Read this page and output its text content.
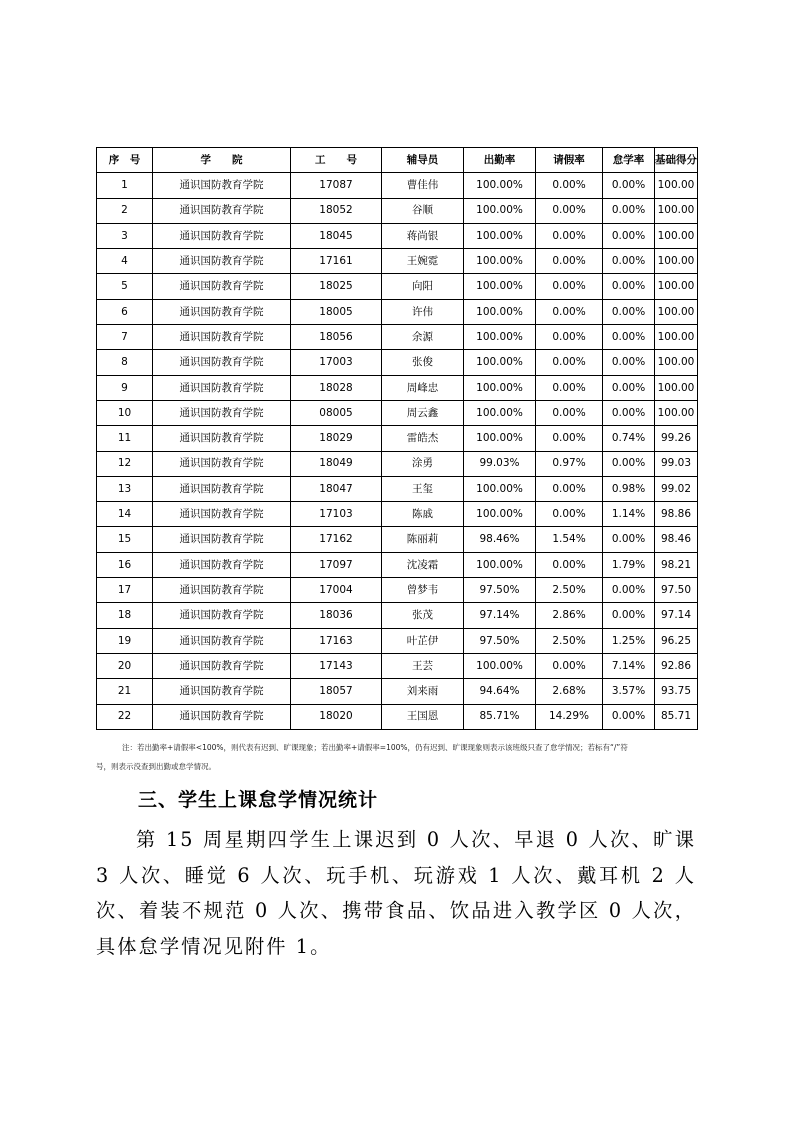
序　号	学　　院	工　　号	辅导员	出勤率	请假率	怠学率	基础得分
1	通识国防教育学院	17087	曹佳伟	100.00%	0.00%	0.00%	100.00
2	通识国防教育学院	18052	谷顺	100.00%	0.00%	0.00%	100.00
3	通识国防教育学院	18045	蒋尚银	100.00%	0.00%	0.00%	100.00
4	通识国防教育学院	17161	王婉霓	100.00%	0.00%	0.00%	100.00
5	通识国防教育学院	18025	向阳	100.00%	0.00%	0.00%	100.00
6	通识国防教育学院	18005	许伟	100.00%	0.00%	0.00%	100.00
7	通识国防教育学院	18056	余源	100.00%	0.00%	0.00%	100.00
8	通识国防教育学院	17003	张俊	100.00%	0.00%	0.00%	100.00
9	通识国防教育学院	18028	周峰忠	100.00%	0.00%	0.00%	100.00
10	通识国防教育学院	08005	周云鑫	100.00%	0.00%	0.00%	100.00
11	通识国防教育学院	18029	雷皓杰	100.00%	0.00%	0.74%	99.26
12	通识国防教育学院	18049	涂勇	99.03%	0.97%	0.00%	99.03
13	通识国防教育学院	18047	王玺	100.00%	0.00%	0.98%	99.02
14	通识国防教育学院	17103	陈戚	100.00%	0.00%	1.14%	98.86
15	通识国防教育学院	17162	陈丽莉	98.46%	1.54%	0.00%	98.46
16	通识国防教育学院	17097	沈凌霜	100.00%	0.00%	1.79%	98.21
17	通识国防教育学院	17004	曾梦韦	97.50%	2.50%	0.00%	97.50
18	通识国防教育学院	18036	张茂	97.14%	2.86%	0.00%	97.14
19	通识国防教育学院	17163	叶芷伊	97.50%	2.50%	1.25%	96.25
20	通识国防教育学院	17143	王芸	100.00%	0.00%	7.14%	92.86
21	通识国防教育学院	18057	刘来雨	94.64%	2.68%	3.57%	93.75
22	通识国防教育学院	18020	王国恩	85.71%	14.29%	0.00%	85.71
注：若出勤率+请假率<100%，则代表有迟到、旷课现象；若出勤率+请假率=100%，仍有迟到、旷课现象则表示该班级只查了怠学情况；若标有“/”符
号，则表示没查到出勤或怠学情况。
三、学生上课怠学情况统计
第 15 周星期四学生上课迟到 0 人次、早退 0 人次、旷课 3 人次、睡觉 6 人次、玩手机、玩游戏 1 人次、戴耳机 2 人次、着装不规范 0 人次、携带食品、饮品进入教学区 0 人次，具体怠学情况见附件 1。
